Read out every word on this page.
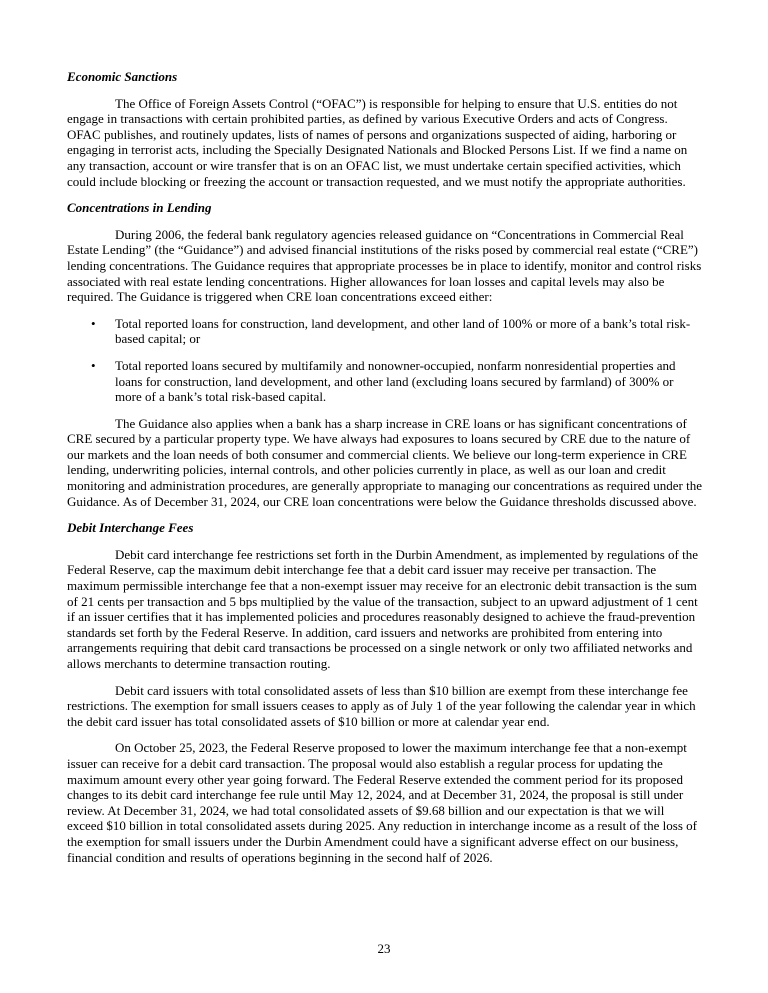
Economic Sanctions

The Office of Foreign Assets Control (“OFAC”) is responsible for helping to ensure that U.S. entities do not engage in transactions with certain prohibited parties, as defined by various Executive Orders and acts of Congress. OFAC publishes, and routinely updates, lists of names of persons and organizations suspected of aiding, harboring or engaging in terrorist acts, including the Specially Designated Nationals and Blocked Persons List. If we find a name on any transaction, account or wire transfer that is on an OFAC list, we must undertake certain specified activities, which could include blocking or freezing the account or transaction requested, and we must notify the appropriate authorities.

Concentrations in Lending

During 2006, the federal bank regulatory agencies released guidance on “Concentrations in Commercial Real Estate Lending” (the “Guidance”) and advised financial institutions of the risks posed by commercial real estate (“CRE”) lending concentrations. The Guidance requires that appropriate processes be in place to identify, monitor and control risks associated with real estate lending concentrations. Higher allowances for loan losses and capital levels may also be required. The Guidance is triggered when CRE loan concentrations exceed either:

•	Total reported loans for construction, land development, and other land of 100% or more of a bank’s total risk-based capital; or
•	Total reported loans secured by multifamily and nonowner-occupied, nonfarm nonresidential properties and loans for construction, land development, and other land (excluding loans secured by farmland) of 300% or more of a bank’s total risk-based capital.

The Guidance also applies when a bank has a sharp increase in CRE loans or has significant concentrations of CRE secured by a particular property type. We have always had exposures to loans secured by CRE due to the nature of our markets and the loan needs of both consumer and commercial clients. We believe our long-term experience in CRE lending, underwriting policies, internal controls, and other policies currently in place, as well as our loan and credit monitoring and administration procedures, are generally appropriate to managing our concentrations as required under the Guidance. As of December 31, 2024, our CRE loan concentrations were below the Guidance thresholds discussed above.

Debit Interchange Fees

Debit card interchange fee restrictions set forth in the Durbin Amendment, as implemented by regulations of the Federal Reserve, cap the maximum debit interchange fee that a debit card issuer may receive per transaction. The maximum permissible interchange fee that a non-exempt issuer may receive for an electronic debit transaction is the sum of 21 cents per transaction and 5 bps multiplied by the value of the transaction, subject to an upward adjustment of 1 cent if an issuer certifies that it has implemented policies and procedures reasonably designed to achieve the fraud-prevention standards set forth by the Federal Reserve. In addition, card issuers and networks are prohibited from entering into arrangements requiring that debit card transactions be processed on a single network or only two affiliated networks and allows merchants to determine transaction routing.

Debit card issuers with total consolidated assets of less than $10 billion are exempt from these interchange fee restrictions. The exemption for small issuers ceases to apply as of July 1 of the year following the calendar year in which the debit card issuer has total consolidated assets of $10 billion or more at calendar year end.

On October 25, 2023, the Federal Reserve proposed to lower the maximum interchange fee that a non-exempt issuer can receive for a debit card transaction. The proposal would also establish a regular process for updating the maximum amount every other year going forward. The Federal Reserve extended the comment period for its proposed changes to its debit card interchange fee rule until May 12, 2024, and at December 31, 2024, the proposal is still under review. At December 31, 2024, we had total consolidated assets of $9.68 billion and our expectation is that we will exceed $10 billion in total consolidated assets during 2025. Any reduction in interchange income as a result of the loss of the exemption for small issuers under the Durbin Amendment could have a significant adverse effect on our business, financial condition and results of operations beginning in the second half of 2026.

23
